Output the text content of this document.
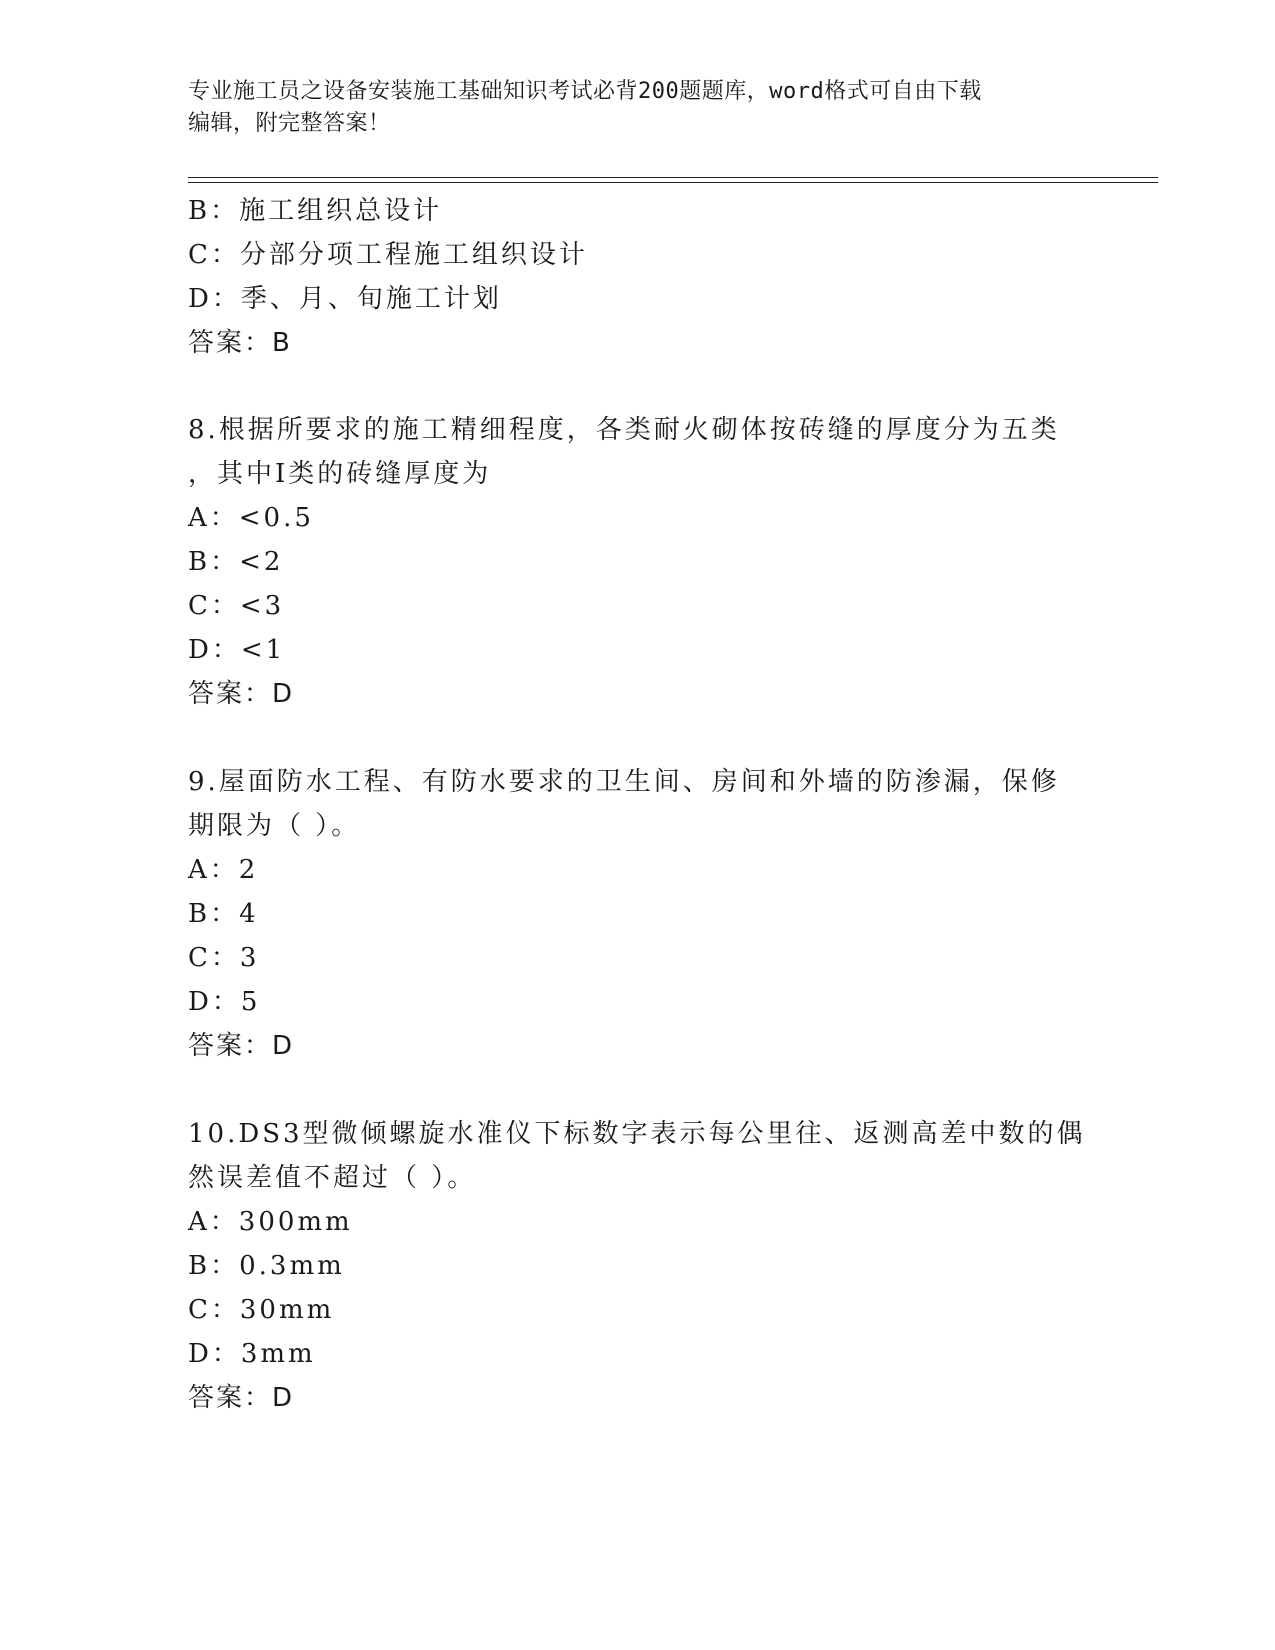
专业施工员之设备安装施工基础知识考试必背200题题库，word格式可自由下载
编辑，附完整答案！
B：施工组织总设计
C：分部分项工程施工组织设计
D：季、月、旬施工计划
答案：B
8.根据所要求的施工精细程度，各类耐火砌体按砖缝的厚度分为五类
，其中Ⅰ类的砖缝厚度为
A：<0.5
B：<2
C：<3
D：<1
答案：D
9.屋面防水工程、有防水要求的卫生间、房间和外墙的防渗漏，保修
期限为（ ）。
A：2
B：4
C：3
D：5
答案：D
10.DS3型微倾螺旋水准仪下标数字表示每公里往、返测高差中数的偶
然误差值不超过（ ）。
A：300mm
B：0.3mm
C：30mm
D：3mm
答案：D
